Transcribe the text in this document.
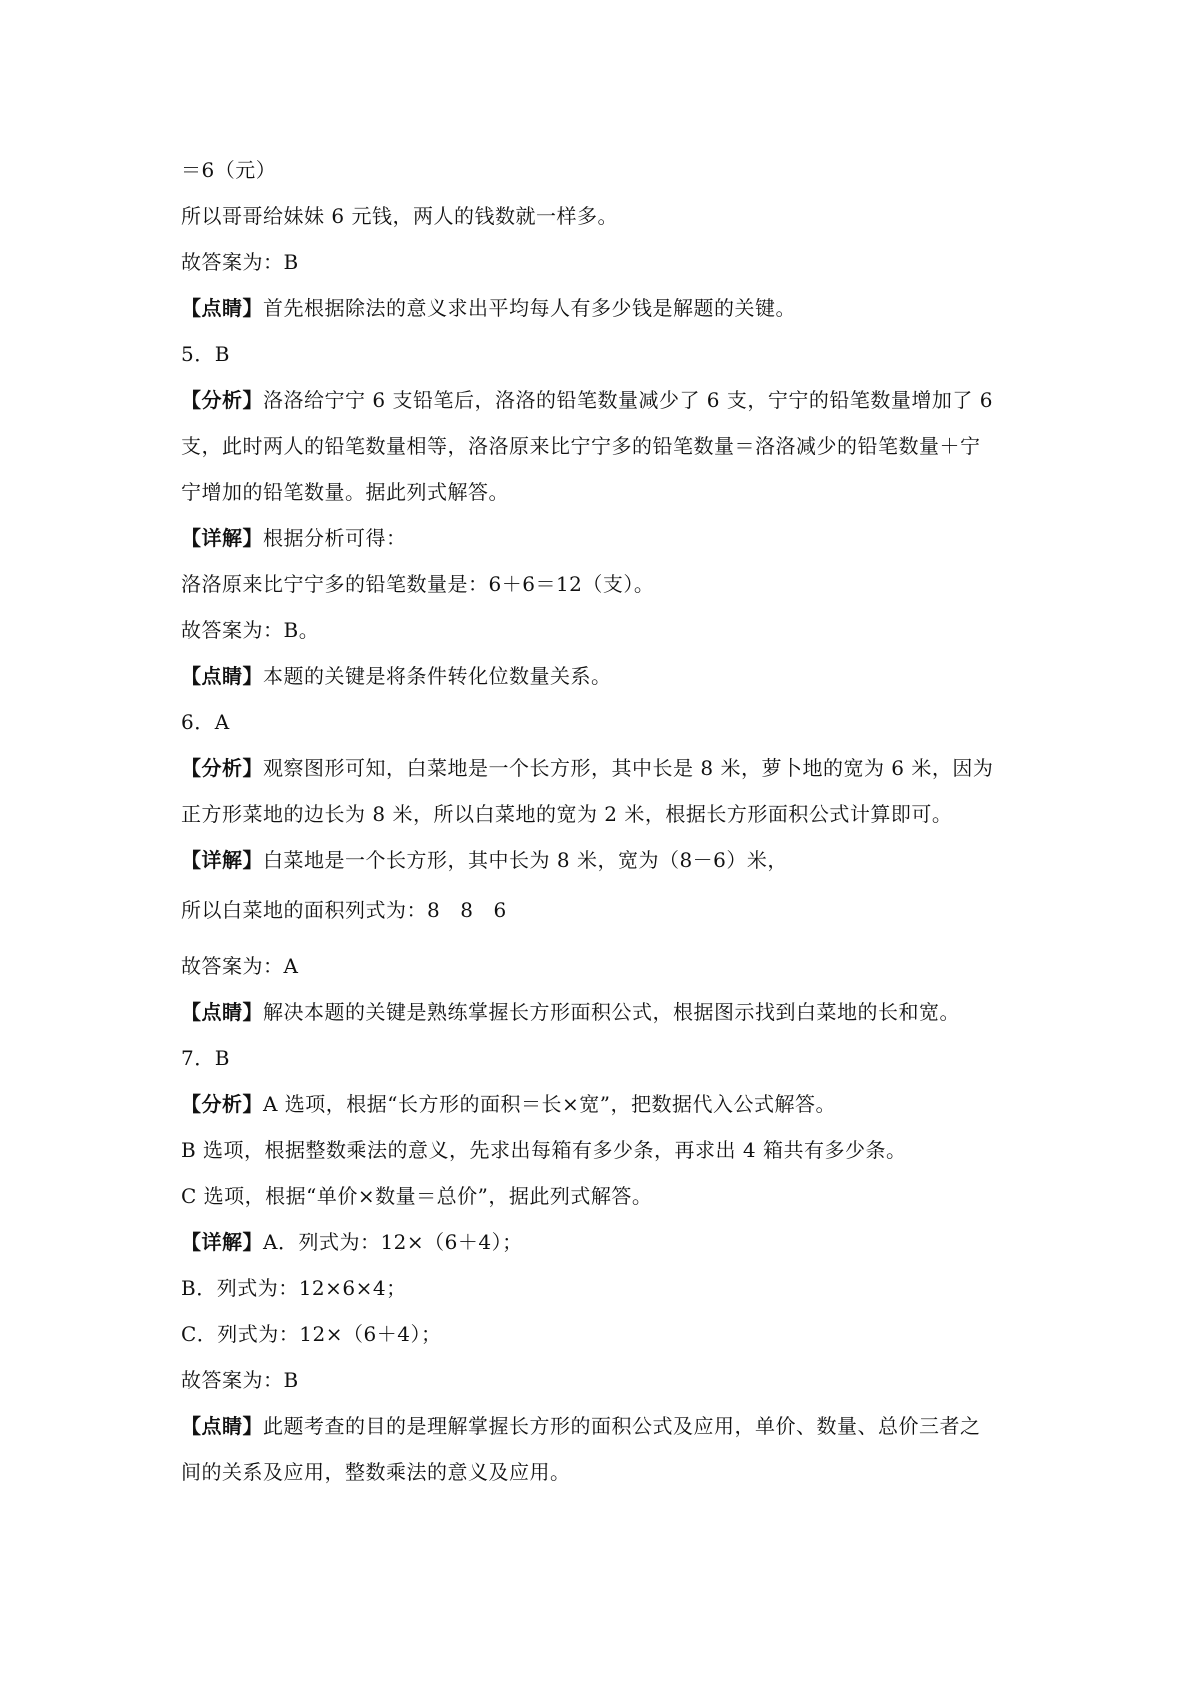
＝6（元）
所以哥哥给妹妹 6 元钱，两人的钱数就一样多。
故答案为：B
【点睛】首先根据除法的意义求出平均每人有多少钱是解题的关键。
5．B
【分析】洛洛给宁宁 6 支铅笔后，洛洛的铅笔数量减少了 6 支，宁宁的铅笔数量增加了 6
支，此时两人的铅笔数量相等，洛洛原来比宁宁多的铅笔数量＝洛洛减少的铅笔数量＋宁
宁增加的铅笔数量。据此列式解答。
【详解】根据分析可得：
洛洛原来比宁宁多的铅笔数量是：6＋6＝12（支）。
故答案为：B。
【点睛】本题的关键是将条件转化位数量关系。
6．A
【分析】观察图形可知，白菜地是一个长方形，其中长是 8 米，萝卜地的宽为 6 米，因为
正方形菜地的边长为 8 米，所以白菜地的宽为 2 米，根据长方形面积公式计算即可。
【详解】白菜地是一个长方形，其中长为 8 米，宽为（8－6）米，
所以白菜地的面积列式为：8 8 6
故答案为：A
【点睛】解决本题的关键是熟练掌握长方形面积公式，根据图示找到白菜地的长和宽。
7．B
【分析】A 选项，根据“长方形的面积＝长×宽”，把数据代入公式解答。
B 选项，根据整数乘法的意义，先求出每箱有多少条，再求出 4 箱共有多少条。
C 选项，根据“单价×数量＝总价”，据此列式解答。
【详解】A．列式为：12×（6＋4）；
B．列式为：12×6×4；
C．列式为：12×（6＋4）；
故答案为：B
【点睛】此题考查的目的是理解掌握长方形的面积公式及应用，单价、数量、总价三者之
间的关系及应用，整数乘法的意义及应用。
